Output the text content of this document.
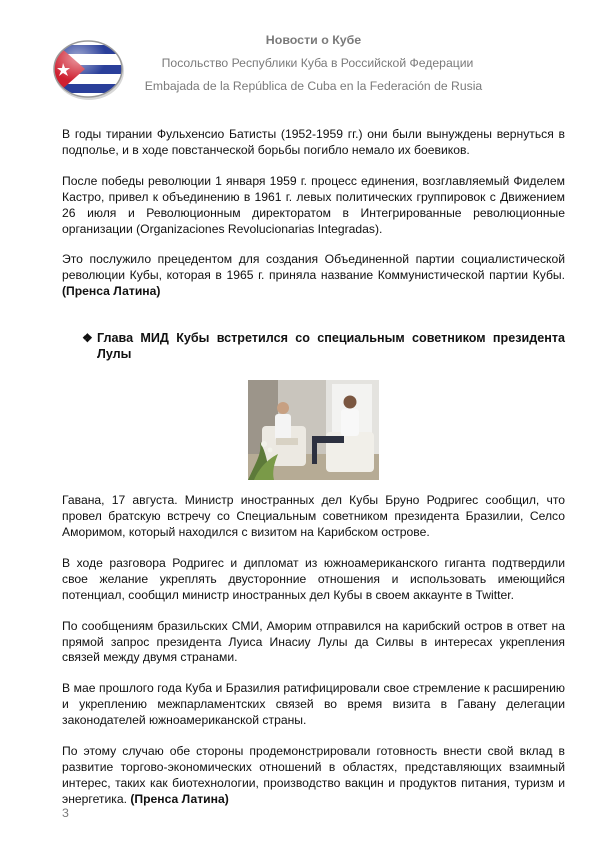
Новости о Кубе
Посольство Республики Куба в Российской Федерации
Embajada de la República de Cuba en la Federación de Rusia

В годы тирании Фульхенсио Батисты (1952-1959 гг.) они были вынуждены вернуться в подполье, и в ходе повстанческой борьбы погибло немало их боевиков.

После победы революции 1 января 1959 г. процесс единения, возглавляемый Фиделем Кастро, привел к объединению в 1961 г. левых политических группировок с Движением 26 июля и Революционным директоратом в Интегрированные революционные организации (Organizaciones Revolucionarias Integradas).

Это послужило прецедентом для создания Объединенной партии социалистической революции Кубы, которая в 1965 г. приняла название Коммунистической партии Кубы. (Пренса Латина)

❖ Глава МИД Кубы встретился со специальным советником президента Лулы

Гавана, 17 августа. Министр иностранных дел Кубы Бруно Родригес сообщил, что провел братскую встречу со Специальным советником президента Бразилии, Селсо Аморимом, который находился с визитом на Карибском острове.

В ходе разговора Родригес и дипломат из южноамериканского гиганта подтвердили свое желание укреплять двусторонние отношения и использовать имеющийся потенциал, сообщил министр иностранных дел Кубы в своем аккаунте в Twitter.

По сообщениям бразильских СМИ, Аморим отправился на карибский остров в ответ на прямой запрос президента Луиса Инасиу Лулы да Силвы в интересах укрепления связей между двумя странами.

В мае прошлого года Куба и Бразилия ратифицировали свое стремление к расширению и укреплению межпарламентских связей во время визита в Гавану делегации законодателей южноамериканской страны.

По этому случаю обе стороны продемонстрировали готовность внести свой вклад в развитие торгово-экономических отношений в областях, представляющих взаимный интерес, таких как биотехнологии, производство вакцин и продуктов питания, туризм и энергетика. (Пренса Латина)

3
